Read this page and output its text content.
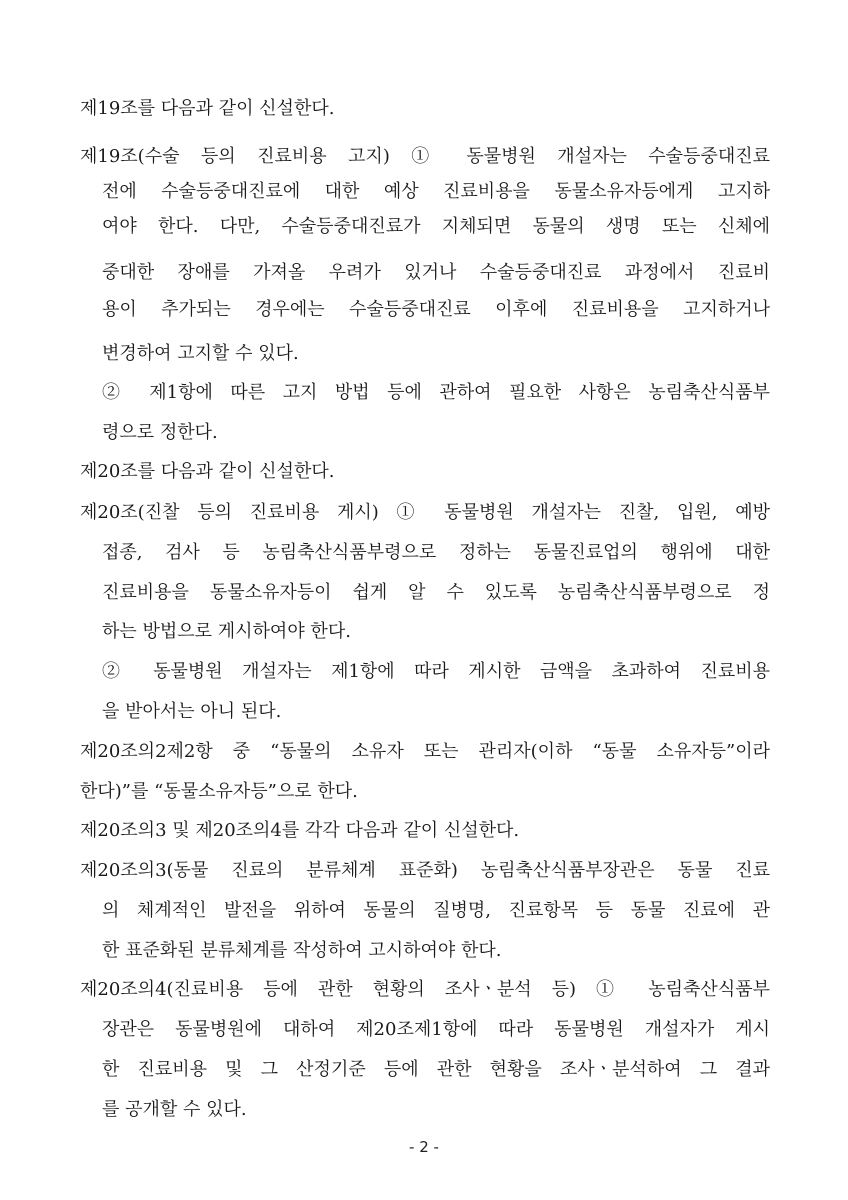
제19조를 다음과 같이 신설한다.
제19조(수술 등의 진료비용 고지) ① 동물병원 개설자는 수술등중대진료
전에 수술등중대진료에 대한 예상 진료비용을 동물소유자등에게 고지하
여야 한다. 다만, 수술등중대진료가 지체되면 동물의 생명 또는 신체에
중대한 장애를 가져올 우려가 있거나 수술등중대진료 과정에서 진료비
용이 추가되는 경우에는 수술등중대진료 이후에 진료비용을 고지하거나
변경하여 고지할 수 있다.
② 제1항에 따른 고지 방법 등에 관하여 필요한 사항은 농림축산식품부
령으로 정한다.
제20조를 다음과 같이 신설한다.
제20조(진찰 등의 진료비용 게시) ① 동물병원 개설자는 진찰, 입원, 예방
접종, 검사 등 농림축산식품부령으로 정하는 동물진료업의 행위에 대한
진료비용을 동물소유자등이 쉽게 알 수 있도록 농림축산식품부령으로 정
하는 방법으로 게시하여야 한다.
② 동물병원 개설자는 제1항에 따라 게시한 금액을 초과하여 진료비용
을 받아서는 아니 된다.
제20조의2제2항 중 “동물의 소유자 또는 관리자(이하 “동물 소유자등”이라
한다)”를 “동물소유자등”으로 한다.
제20조의3 및 제20조의4를 각각 다음과 같이 신설한다.
제20조의3(동물 진료의 분류체계 표준화) 농림축산식품부장관은 동물 진료
의 체계적인 발전을 위하여 동물의 질병명, 진료항목 등 동물 진료에 관
한 표준화된 분류체계를 작성하여 고시하여야 한다.
제20조의4(진료비용 등에 관한 현황의 조사ㆍ분석 등) ① 농림축산식품부
장관은 동물병원에 대하여 제20조제1항에 따라 동물병원 개설자가 게시
한 진료비용 및 그 산정기준 등에 관한 현황을 조사ㆍ분석하여 그 결과
를 공개할 수 있다.
- 2 -
